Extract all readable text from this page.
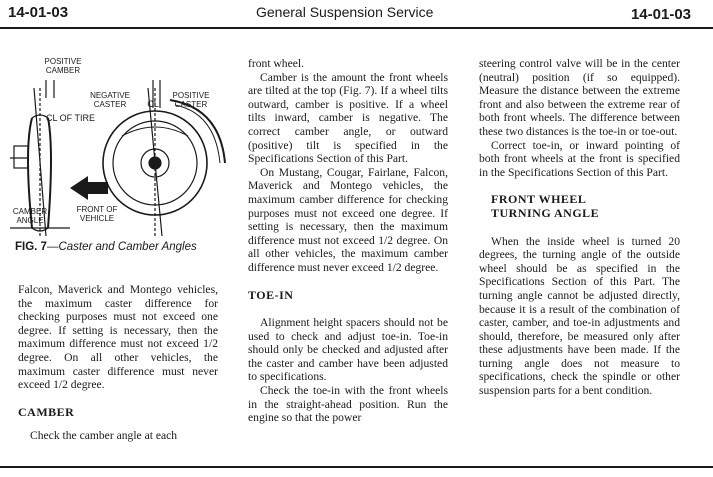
14-01-03	General Suspension Service	14-01-03
POSITIVE
CAMBER
NEGATIVE
CASTER
POSITIVE
CASTER
CL OF TIRE
CL
CAMBER
ANGLE
FRONT OF
VEHICLE
FIG. 7—Caster and Camber Angles

Falcon, Maverick and Montego vehicles, the maximum caster difference for checking purposes must not exceed one degree. If setting is necessary, then the maximum difference must not exceed 1/2 degree. On all other vehicles, the maximum caster difference must never exceed 1/2 degree.

CAMBER

Check the camber angle at each

front wheel.

Camber is the amount the front wheels are tilted at the top (Fig. 7). If a wheel tilts outward, camber is positive. If a wheel tilts inward, camber is negative. The correct camber angle, or outward (positive) tilt is specified in the Specifications Section of this Part.

On Mustang, Cougar, Fairlane, Falcon, Maverick and Montego vehicles, the maximum camber difference for checking purposes must not exceed one degree. If setting is necessary, then the maximum difference must not exceed 1/2 degree. On all other vehicles, the maximum camber difference must never exceed 1/2 degree.

TOE-IN

Alignment height spacers should not be used to check and adjust toe-in. Toe-in should only be checked and adjusted after the caster and camber have been adjusted to specifications.

Check the toe-in with the front wheels in the straight-ahead position. Run the engine so that the power

steering control valve will be in the center (neutral) position (if so equipped). Measure the distance between the extreme front and also between the extreme rear of both front wheels. The difference between these two distances is the toe-in or toe-out.

Correct toe-in, or inward pointing of both front wheels at the front is specified in the Specifications Section of this Part.

FRONT WHEEL

TURNING ANGLE

When the inside wheel is turned 20 degrees, the turning angle of the outside wheel should be as specified in the Specifications Section of this Part. The turning angle cannot be adjusted directly, because it is a result of the combination of caster, camber, and toe-in adjustments and should, therefore, be measured only after these adjustments have been made. If the turning angle does not measure to specifications, check the spindle or other suspension parts for a bent condition.
